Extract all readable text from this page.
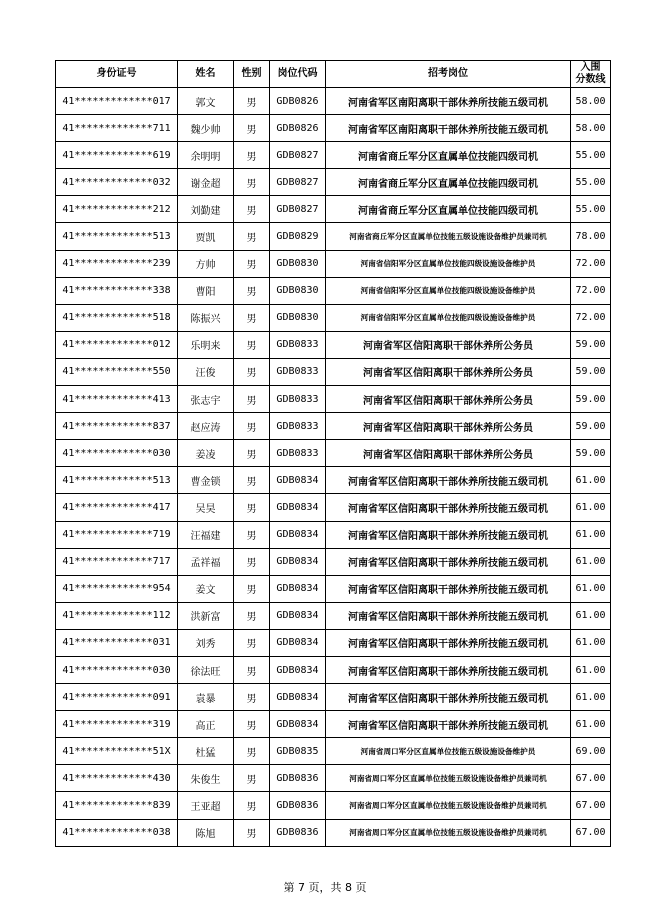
身份证号	姓名	性别	岗位代码	招考岗位	入围
分数线
41*************017	郭文	男	GDB0826	河南省军区南阳离职干部休养所技能五级司机	58.00
41*************711	魏少帅	男	GDB0826	河南省军区南阳离职干部休养所技能五级司机	58.00
41*************619	余明明	男	GDB0827	河南省商丘军分区直属单位技能四级司机	55.00
41*************032	谢金超	男	GDB0827	河南省商丘军分区直属单位技能四级司机	55.00
41*************212	刘勤建	男	GDB0827	河南省商丘军分区直属单位技能四级司机	55.00
41*************513	贾凯	男	GDB0829	河南省商丘军分区直属单位技能五级设施设备维护员兼司机	78.00
41*************239	方帅	男	GDB0830	河南省信阳军分区直属单位技能四级设施设备维护员	72.00
41*************338	曹阳	男	GDB0830	河南省信阳军分区直属单位技能四级设施设备维护员	72.00
41*************518	陈振兴	男	GDB0830	河南省信阳军分区直属单位技能四级设施设备维护员	72.00
41*************012	乐明来	男	GDB0833	河南省军区信阳离职干部休养所公务员	59.00
41*************550	汪俊	男	GDB0833	河南省军区信阳离职干部休养所公务员	59.00
41*************413	张志宇	男	GDB0833	河南省军区信阳离职干部休养所公务员	59.00
41*************837	赵应涛	男	GDB0833	河南省军区信阳离职干部休养所公务员	59.00
41*************030	姜凌	男	GDB0833	河南省军区信阳离职干部休养所公务员	59.00
41*************513	曹金锁	男	GDB0834	河南省军区信阳离职干部休养所技能五级司机	61.00
41*************417	吴昊	男	GDB0834	河南省军区信阳离职干部休养所技能五级司机	61.00
41*************719	汪福建	男	GDB0834	河南省军区信阳离职干部休养所技能五级司机	61.00
41*************717	孟祥福	男	GDB0834	河南省军区信阳离职干部休养所技能五级司机	61.00
41*************954	姜文	男	GDB0834	河南省军区信阳离职干部休养所技能五级司机	61.00
41*************112	洪新富	男	GDB0834	河南省军区信阳离职干部休养所技能五级司机	61.00
41*************031	刘秀	男	GDB0834	河南省军区信阳离职干部休养所技能五级司机	61.00
41*************030	徐法旺	男	GDB0834	河南省军区信阳离职干部休养所技能五级司机	61.00
41*************091	袁暴	男	GDB0834	河南省军区信阳离职干部休养所技能五级司机	61.00
41*************319	高正	男	GDB0834	河南省军区信阳离职干部休养所技能五级司机	61.00
41*************51X	杜猛	男	GDB0835	河南省周口军分区直属单位技能五级设施设备维护员	69.00
41*************430	朱俊生	男	GDB0836	河南省周口军分区直属单位技能五级设施设备维护员兼司机	67.00
41*************839	王亚超	男	GDB0836	河南省周口军分区直属单位技能五级设施设备维护员兼司机	67.00
41*************038	陈旭	男	GDB0836	河南省周口军分区直属单位技能五级设施设备维护员兼司机	67.00
第 7 页，共 8 页
